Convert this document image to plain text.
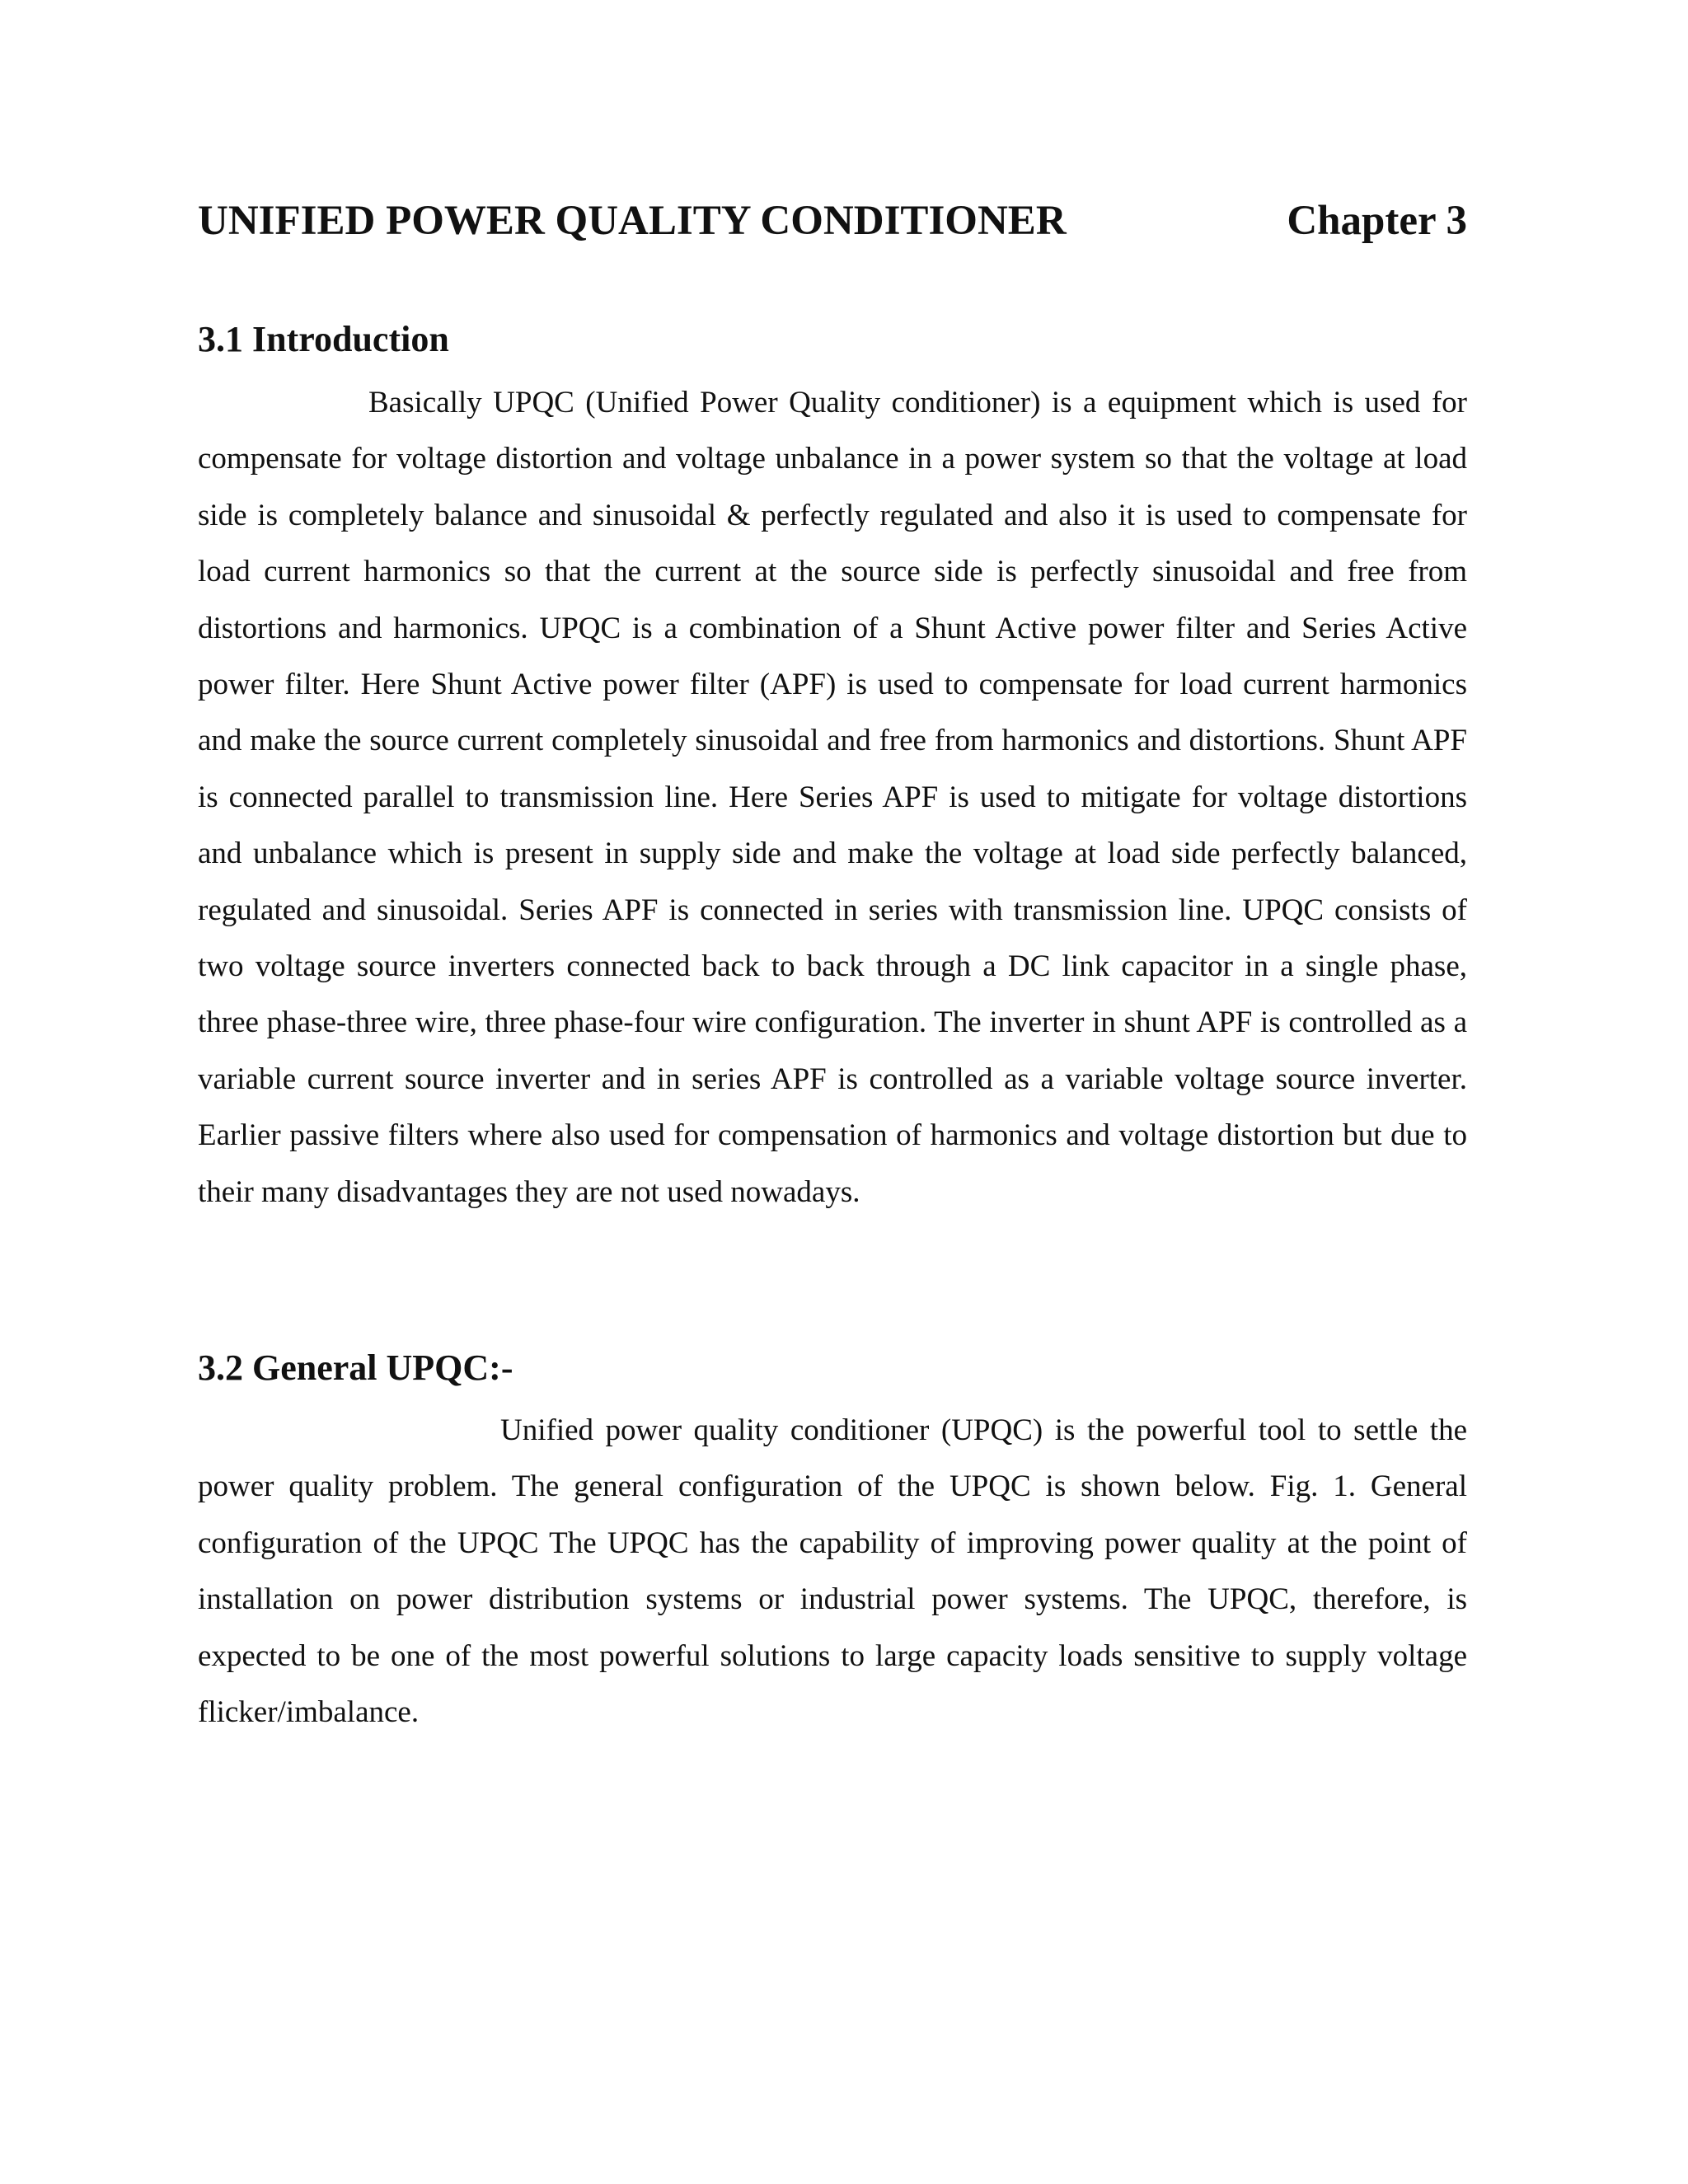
UNIFIED POWER QUALITY CONDITIONER	Chapter 3
3.1 Introduction

Basically UPQC (Unified Power Quality conditioner) is a equipment which is used for compensate for voltage distortion and voltage unbalance in a power system so that the voltage at load side is completely balance and sinusoidal & perfectly regulated and also it is used to compensate for load current harmonics so that the current at the source side is perfectly sinusoidal and free from distortions and harmonics. UPQC is a combination of a Shunt Active power filter and Series Active power filter. Here Shunt Active power filter (APF) is used to compensate for load current harmonics and make the source current completely sinusoidal and free from harmonics and distortions. Shunt APF is connected parallel to transmission line. Here Series APF is used to mitigate for voltage distortions and unbalance which is present in supply side and make the voltage at load side perfectly balanced, regulated and sinusoidal. Series APF is connected in series with transmission line. UPQC consists of two voltage source inverters connected back to back through a DC link capacitor in a single phase, three phase-three wire, three phase-four wire configuration. The inverter in shunt APF is controlled as a variable current source inverter and in series APF is controlled as a variable voltage source inverter. Earlier passive filters where also used for compensation of harmonics and voltage distortion but due to their many disadvantages they are not used nowadays.

3.2 General UPQC:-

Unified power quality conditioner (UPQC) is the powerful tool to settle the power quality problem. The general configuration of the UPQC is shown below. Fig. 1. General configuration of the UPQC The UPQC has the capability of improving power quality at the point of installation on power distribution systems or industrial power systems. The UPQC, therefore, is expected to be one of the most powerful solutions to large capacity loads sensitive to supply voltage flicker/imbalance.
